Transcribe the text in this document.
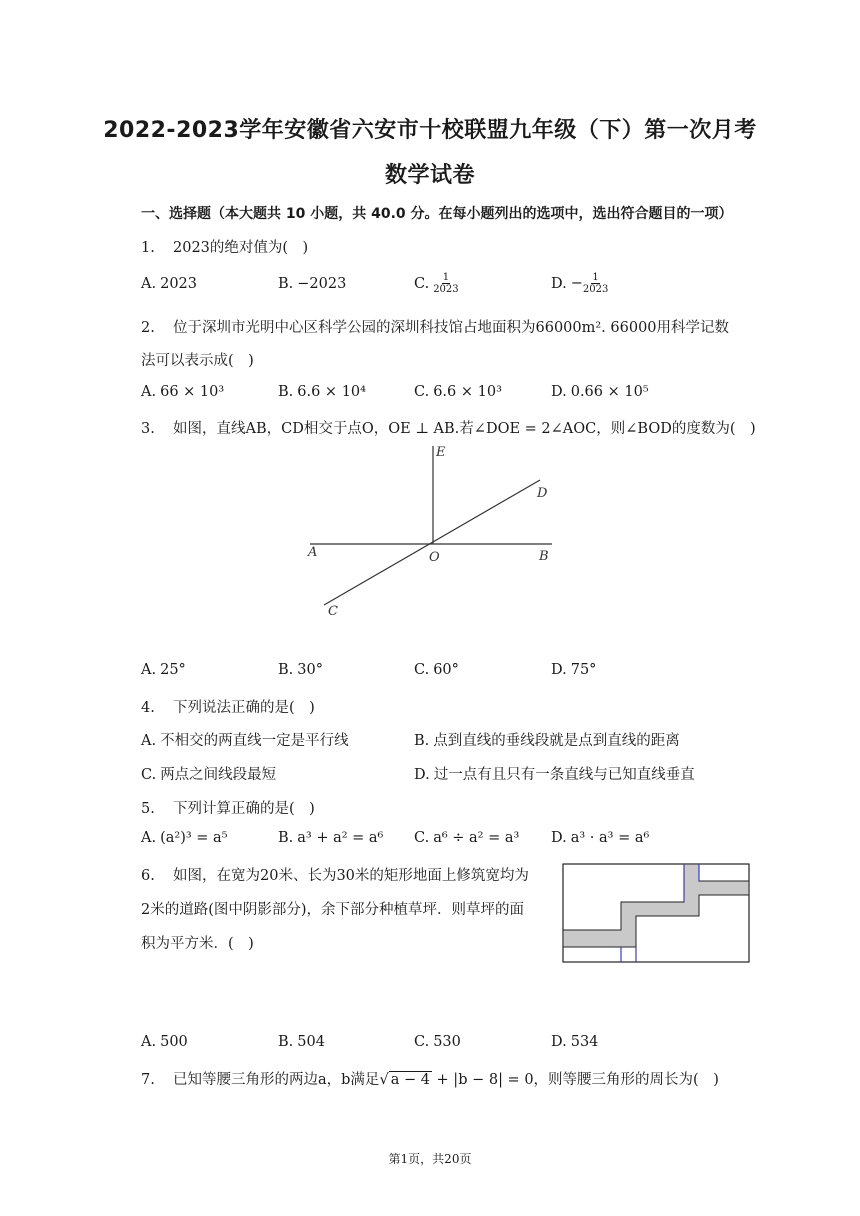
2022-2023学年安徽省六安市十校联盟九年级（下）第一次月考
数学试卷
一、选择题（本大题共 10 小题，共 40.0 分。在每小题列出的选项中，选出符合题目的一项）
1. 2023的绝对值为(　)
A. 2023	B. −2023	C. $\frac{1}{2023}$	D. − $\frac{1}{2023}$
2. 位于深圳市光明中心区科学公园的深圳科技馆占地面积为66000m². 66000用科学记数
法可以表示成(　)
A. 66 × 10³	B. 6.6 × 10⁴	C. 6.6 × 10³	D. 0.66 × 10⁵
3. 如图，直线AB，CD相交于点O，OE ⊥ AB.若∠DOE = 2∠AOC，则∠BOD的度数为(　)
E
D
A	O	B
C
A. 25°	B. 30°	C. 60°	D. 75°
4. 下列说法正确的是(　)
A. 不相交的两直线一定是平行线	B. 点到直线的垂线段就是点到直线的距离
C. 两点之间线段最短	D. 过一点有且只有一条直线与已知直线垂直
5. 下列计算正确的是(　)
A. (a²)³ = a⁵	B. a³ + a² = a⁶ C. a⁶ ÷ a² = a³ D. a³ · a³ = a⁶
6. 如图，在宽为20米、长为30米的矩形地面上修筑宽均为
2米的道路(图中阴影部分)，余下部分种植草坪．则草坪的面
积为平方米．(　)
A. 500	B. 504	C. 530	D. 534
7. 已知等腰三角形的两边a，b满足√ a − 4 + |b − 8| = 0，则等腰三角形的周长为(　)
第1页，共20页
